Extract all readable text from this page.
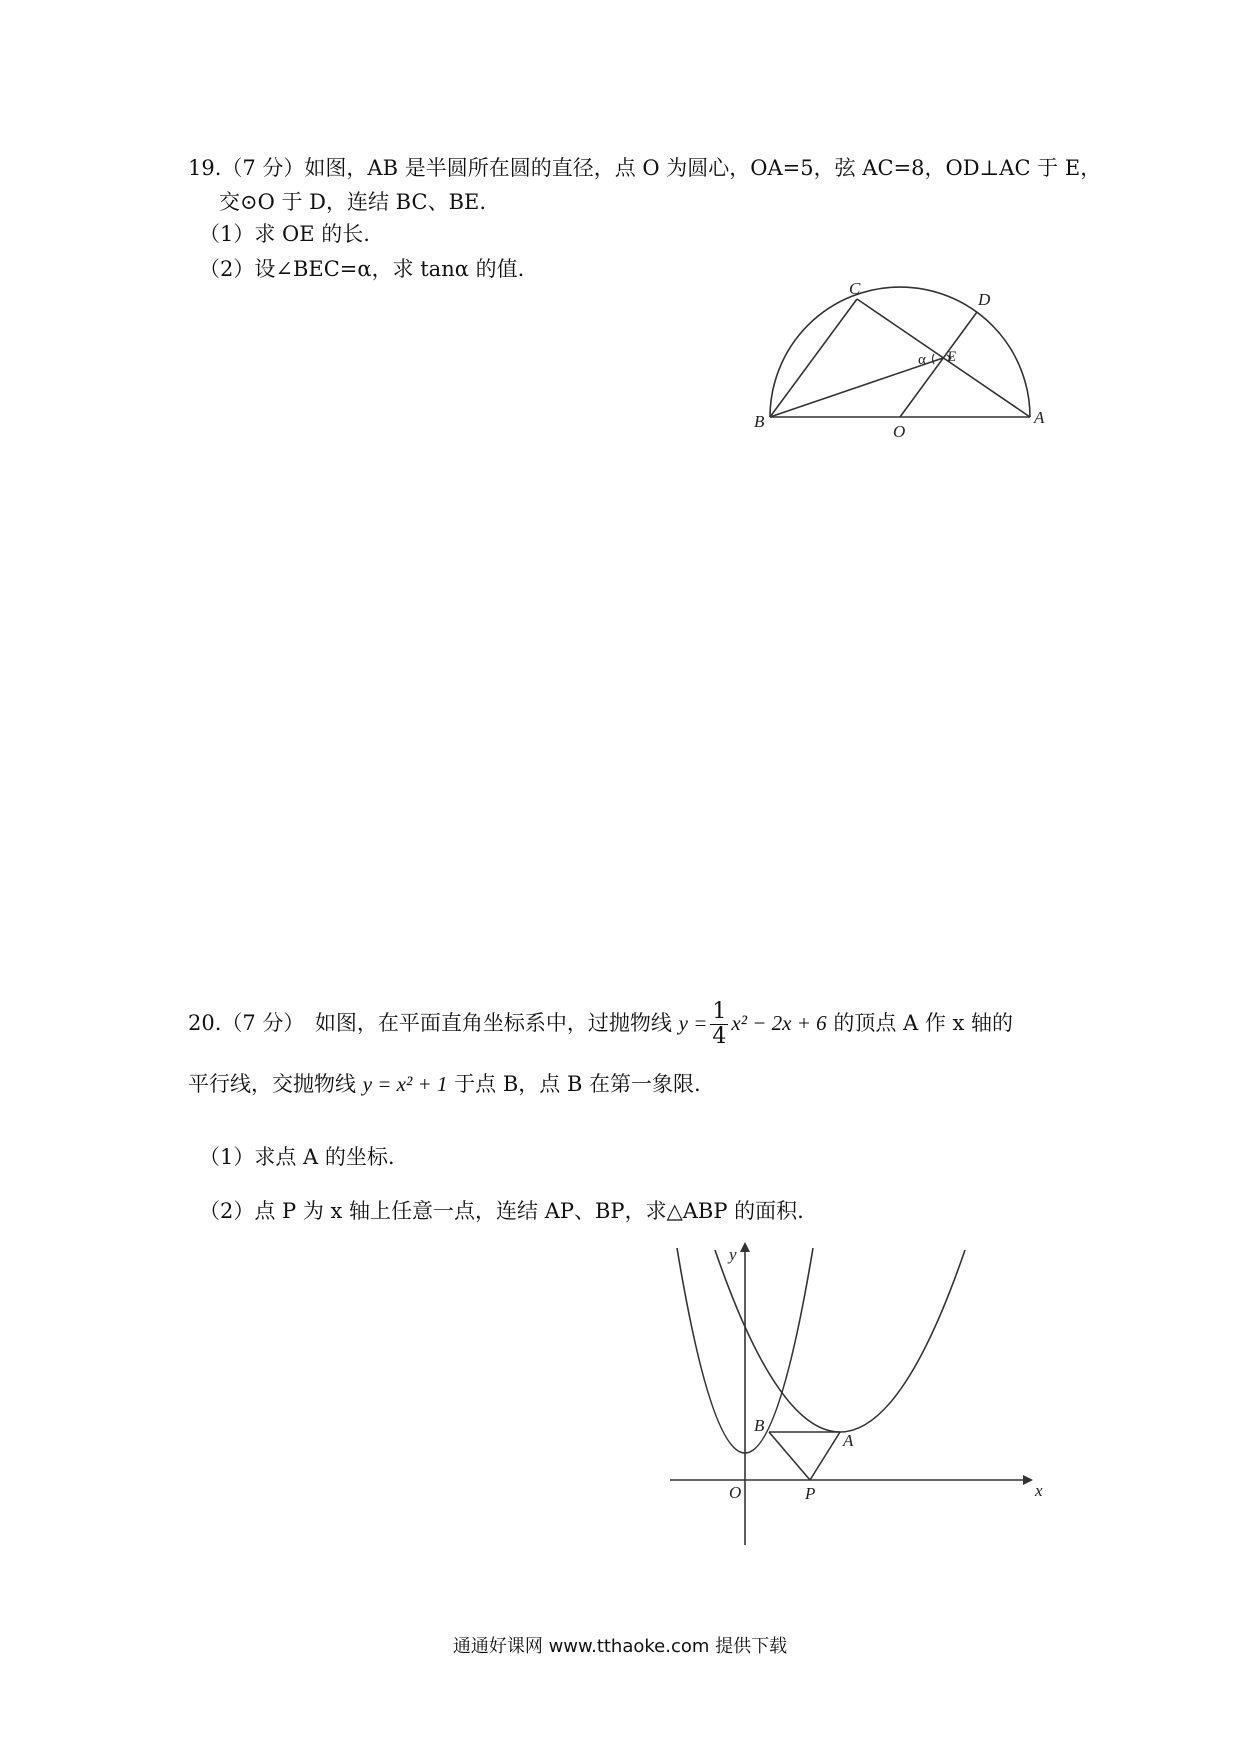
19.（7 分）如图，AB 是半圆所在圆的直径，点 O 为圆心，OA=5，弦 AC=8，OD⊥AC 于 E，
交⊙O 于 D，连结 BC、BE.
（1）求 OE 的长.
（2）设∠BEC=α，求 tanα 的值.
C
D
α E
B
O
A
20.（7 分）　如图，在平面直角坐标系中，过抛物线 $y = \frac{1}{4} x^2 - 2x + 6$ 的顶点 A 作 x 轴的
平行线，交抛物线 y = x² + 1 于点 B，点 B 在第一象限.
（1）求点 A 的坐标.
（2）点 P 为 x 轴上任意一点，连结 AP、BP，求△ABP 的面积.
y
x
O
B
A
P
通通好课网 www.tthaoke.com 提供下载
